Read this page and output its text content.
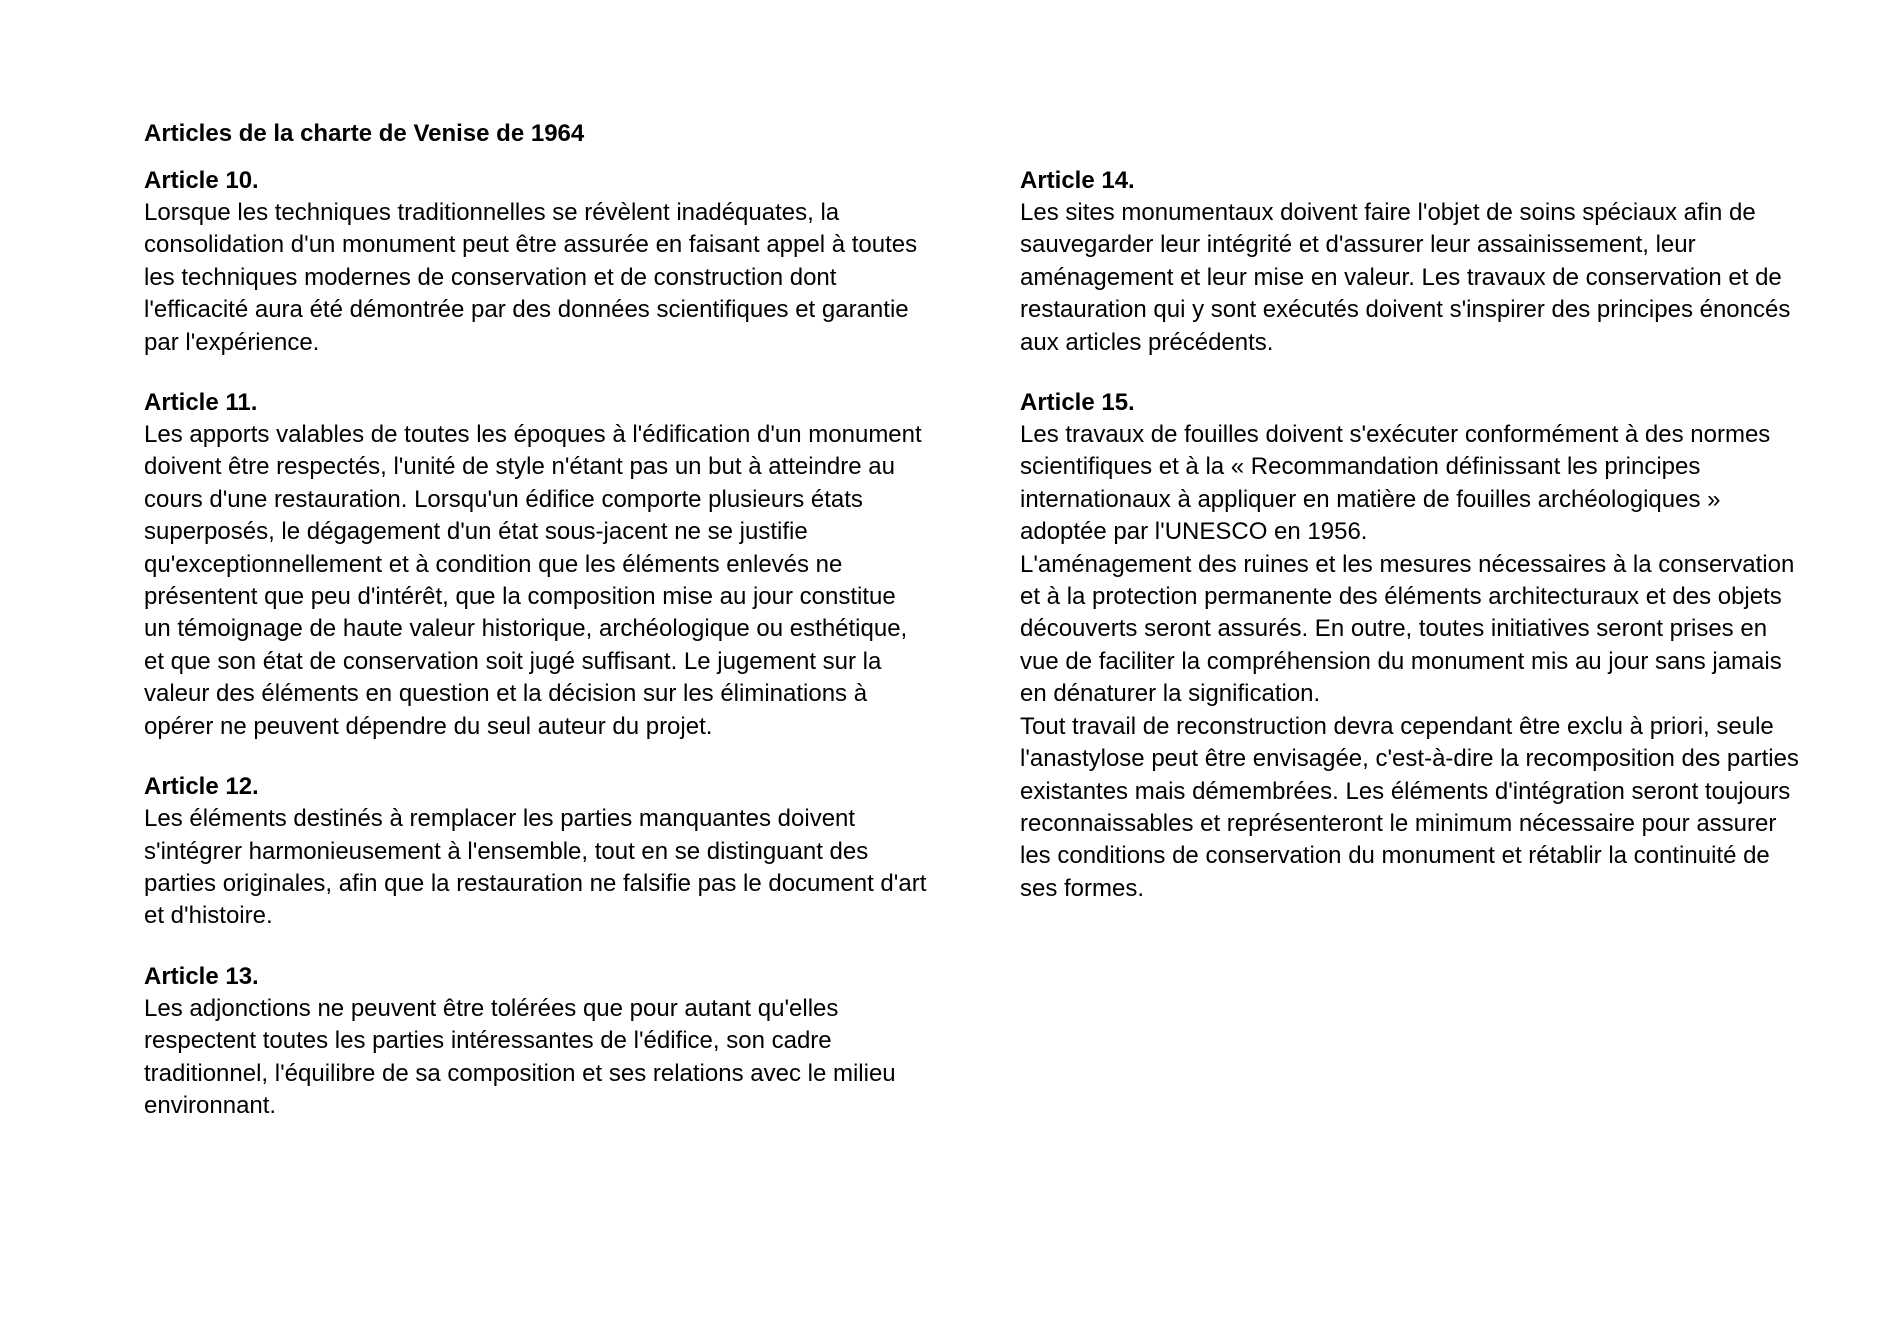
Articles de la charte de Venise de 1964
Article 10.

Lorsque les techniques traditionnelles se révèlent inadéquates, la

consolidation d'un monument peut être assurée en faisant appel à toutes

les techniques modernes de conservation et de construction dont

l'efficacité aura été démontrée par des données scientifiques et garantie

par l'expérience.

Article 11.

Les apports valables de toutes les époques à l'édification d'un monument

doivent être respectés, l'unité de style n'étant pas un but à atteindre au

cours d'une restauration. Lorsqu'un édifice comporte plusieurs états

superposés, le dégagement d'un état sous-jacent ne se justifie

qu'exceptionnellement et à condition que les éléments enlevés ne

présentent que peu d'intérêt, que la composition mise au jour constitue

un témoignage de haute valeur historique, archéologique ou esthétique,

et que son état de conservation soit jugé suffisant. Le jugement sur la

valeur des éléments en question et la décision sur les éliminations à

opérer ne peuvent dépendre du seul auteur du projet.

Article 12.

Les éléments destinés à remplacer les parties manquantes doivent

s'intégrer harmonieusement à l'ensemble, tout en se distinguant des

parties originales, afin que la restauration ne falsifie pas le document d'art

et d'histoire.

Article 13.

Les adjonctions ne peuvent être tolérées que pour autant qu'elles

respectent toutes les parties intéressantes de l'édifice, son cadre

traditionnel, l'équilibre de sa composition et ses relations avec le milieu

environnant.

Article 14.

Les sites monumentaux doivent faire l'objet de soins spéciaux afin de

sauvegarder leur intégrité et d'assurer leur assainissement, leur

aménagement et leur mise en valeur. Les travaux de conservation et de

restauration qui y sont exécutés doivent s'inspirer des principes énoncés

aux articles précédents.

Article 15.

Les travaux de fouilles doivent s'exécuter conformément à des normes

scientifiques et à la « Recommandation définissant les principes

internationaux à appliquer en matière de fouilles archéologiques »

adoptée par l'UNESCO en 1956.

L'aménagement des ruines et les mesures nécessaires à la conservation

et à la protection permanente des éléments architecturaux et des objets

découverts seront assurés. En outre, toutes initiatives seront prises en

vue de faciliter la compréhension du monument mis au jour sans jamais

en dénaturer la signification.

Tout travail de reconstruction devra cependant être exclu à priori, seule

l'anastylose peut être envisagée, c'est-à-dire la recomposition des parties

existantes mais démembrées. Les éléments d'intégration seront toujours

reconnaissables et représenteront le minimum nécessaire pour assurer

les conditions de conservation du monument et rétablir la continuité de

ses formes.
